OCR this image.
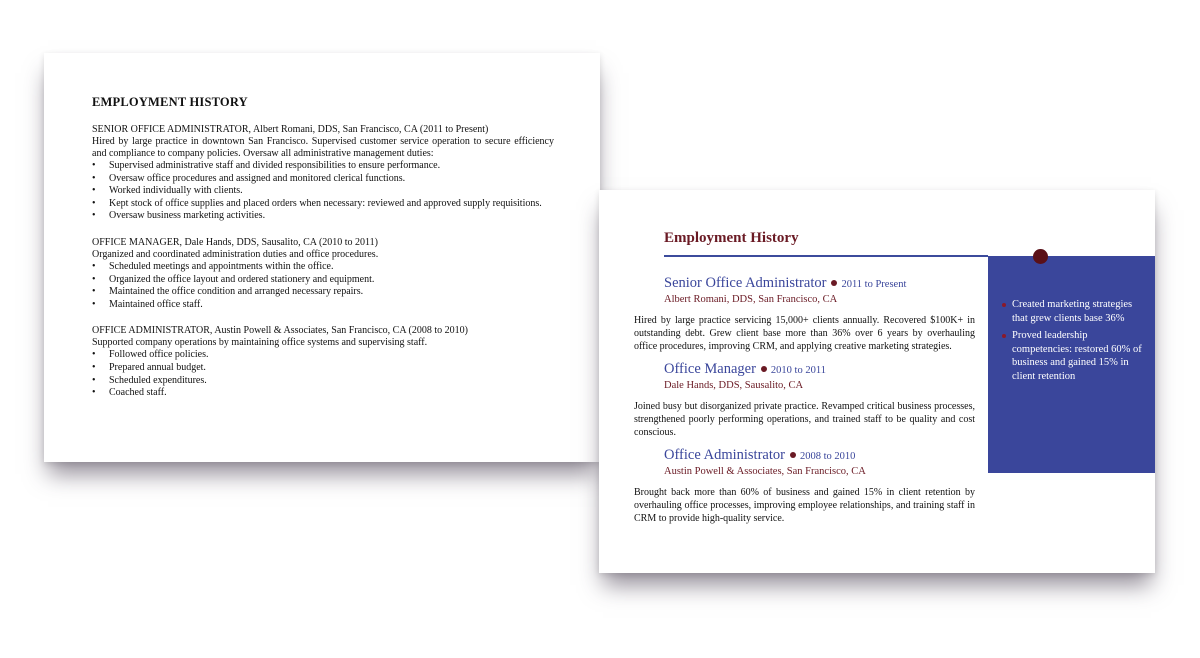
EMPLOYMENT HISTORY
SENIOR OFFICE ADMINISTRATOR, Albert Romani, DDS, San Francisco, CA (2011 to Present)
Hired by large practice in downtown San Francisco. Supervised customer service operation to secure efficiency and compliance to company policies. Oversaw all administrative management duties:
• Supervised administrative staff and divided responsibilities to ensure performance.
• Oversaw office procedures and assigned and monitored clerical functions.
• Worked individually with clients.
• Kept stock of office supplies and placed orders when necessary: reviewed and approved supply requisitions.
• Oversaw business marketing activities.
OFFICE MANAGER, Dale Hands, DDS, Sausalito, CA (2010 to 2011)
Organized and coordinated administration duties and office procedures.
• Scheduled meetings and appointments within the office.
• Organized the office layout and ordered stationery and equipment.
• Maintained the office condition and arranged necessary repairs.
• Maintained office staff.
OFFICE ADMINISTRATOR, Austin Powell & Associates, San Francisco, CA (2008 to 2010)
Supported company operations by maintaining office systems and supervising staff.
• Followed office policies.
• Prepared annual budget.
• Scheduled expenditures.
• Coached staff.
Employment History
Created marketing strategies that grew clients base 36%
Proved leadership competencies: restored 60% of business and gained 15% in client retention
Senior Office Administrator 2011 to Present
Albert Romani, DDS, San Francisco, CA
Hired by large practice servicing 15,000+ clients annually. Recovered $100K+ in outstanding debt. Grew client base more than 36% over 6 years by overhauling office procedures, improving CRM, and applying creative marketing strategies.
Office Manager 2010 to 2011
Dale Hands, DDS, Sausalito, CA
Joined busy but disorganized private practice. Revamped critical business processes, strengthened poorly performing operations, and trained staff to be quality and cost conscious.
Office Administrator 2008 to 2010
Austin Powell & Associates, San Francisco, CA
Brought back more than 60% of business and gained 15% in client retention by overhauling office processes, improving employee relationships, and training staff in CRM to provide high-quality service.
